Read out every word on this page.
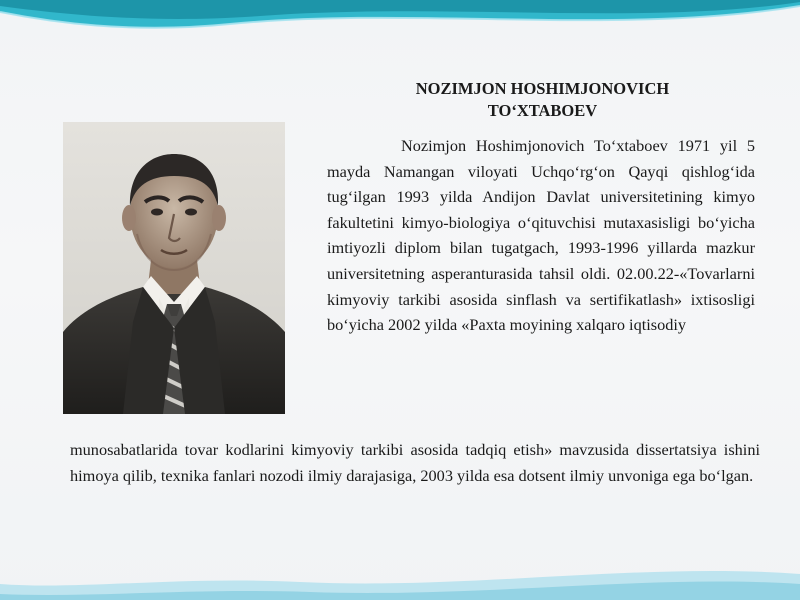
NOZIMJON HOSHIMJONOVICH
TO‘XTABOEV

Nozimjon Hoshimjonovich To‘xtaboev 1971 yil 5 mayda Namangan viloyati Uchqo‘rg‘on Qayqi qishlog‘ida tug‘ilgan 1993 yilda Andijon Davlat universitetining kimyo fakultetini kimyo-biologiya o‘qituvchisi mutaxasisligi bo‘yicha imtiyozli diplom bilan tugatgach, 1993-1996 yillarda mazkur universitetning asperanturasida tahsil oldi. 02.00.22-«Tovarlarni kimyoviy tarkibi asosida sinflash va sertifikatlash» ixtisosligi bo‘yicha 2002 yilda «Paxta moyining xalqaro iqtisodiy

munosabatlarida tovar kodlarini kimyoviy tarkibi asosida tadqiq etish» mavzusida dissertatsiya ishini himoya qilib, texnika fanlari nozodi ilmiy darajasiga, 2003 yilda esa dotsent ilmiy unvoniga ega bo‘lgan.
